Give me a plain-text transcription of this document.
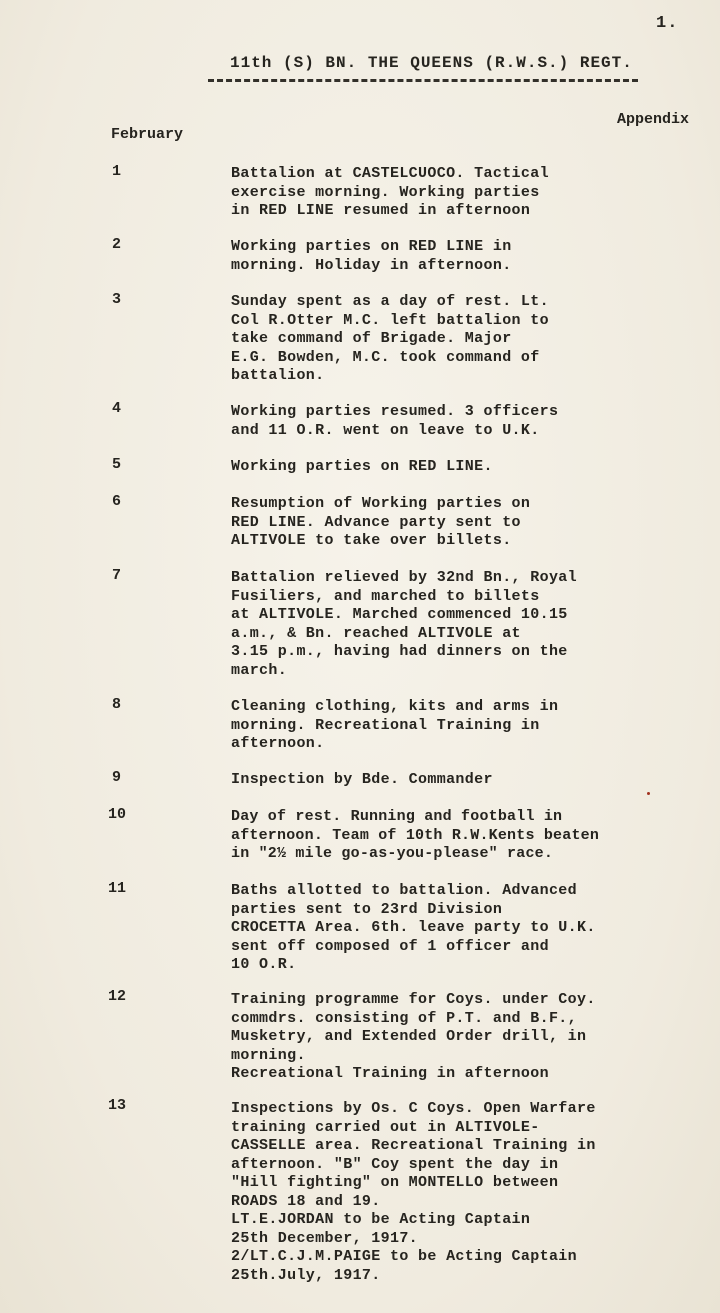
1.
11th (S) BN. THE QUEENS (R.W.S.) REGT.
Appendix
February
1	Battalion at CASTELCUOCO. Tactical
exercise morning. Working parties
in RED LINE resumed in afternoon
2	Working parties on RED LINE in
morning. Holiday in afternoon.
3	Sunday spent as a day of rest. Lt.
Col R.Otter M.C. left battalion to
take command of Brigade. Major
E.G. Bowden, M.C. took command of
battalion.
4	Working parties resumed. 3 officers
and 11 O.R. went on leave to U.K.
5	Working parties on RED LINE.
6	Resumption of Working parties on
RED LINE. Advance party sent to
ALTIVOLE to take over billets.
7	Battalion relieved by 32nd Bn., Royal
Fusiliers, and marched to billets
at ALTIVOLE. Marched commenced 10.15
a.m., & Bn. reached ALTIVOLE at
3.15 p.m., having had dinners on the
march.
8	Cleaning clothing, kits and arms in
morning. Recreational Training in
afternoon.
9	Inspection by Bde. Commander
10	Day of rest. Running and football in
afternoon. Team of 10th R.W.Kents beaten
in "2½ mile go-as-you-please" race.
11	Baths allotted to battalion. Advanced
parties sent to 23rd Division
CROCETTA Area. 6th. leave party to U.K.
sent off composed of 1 officer and
10 O.R.
12	Training programme for Coys. under Coy.
commdrs. consisting of P.T. and B.F.,
Musketry, and Extended Order drill, in
morning.
Recreational Training in afternoon
13	Inspections by Os. C Coys. Open Warfare
training carried out in ALTIVOLE-
CASSELLE area. Recreational Training in
afternoon. "B" Coy spent the day in
"Hill fighting" on MONTELLO between
ROADS 18 and 19.
LT.E.JORDAN to be Acting Captain
25th December, 1917.
2/LT.C.J.M.PAIGE to be Acting Captain
25th.July, 1917.
